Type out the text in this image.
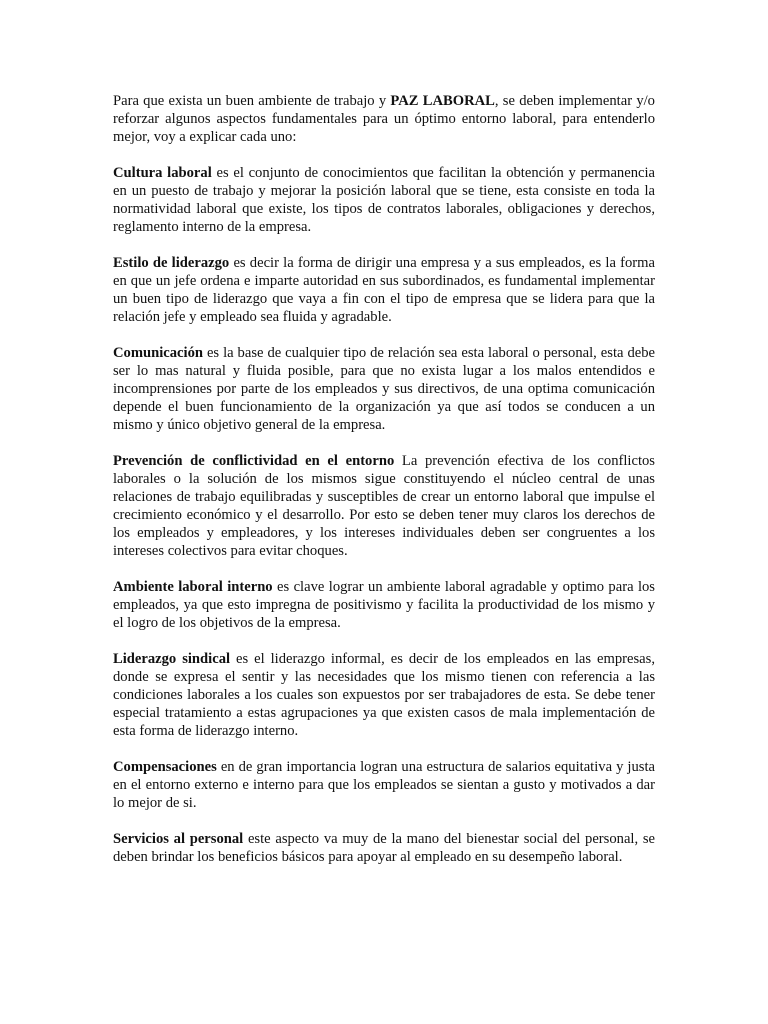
Para que exista un buen ambiente de trabajo y PAZ LABORAL, se deben implementar y/o reforzar algunos aspectos fundamentales para un óptimo entorno laboral, para entenderlo mejor, voy a explicar cada uno:

Cultura laboral es el conjunto de conocimientos que facilitan la obtención y permanencia en un puesto de trabajo y mejorar la posición laboral que se tiene, esta consiste en toda la normatividad laboral que existe, los tipos de contratos laborales, obligaciones y derechos, reglamento interno de la empresa.

Estilo de liderazgo es decir la forma de dirigir una empresa y a sus empleados, es la forma en que un jefe ordena e imparte autoridad en sus subordinados, es fundamental implementar un buen tipo de liderazgo que vaya a fin con el tipo de empresa que se lidera para que la relación jefe y empleado sea fluida y agradable.

Comunicación es la base de cualquier tipo de relación sea esta laboral o personal, esta debe ser lo mas natural y fluida posible, para que no exista lugar a los malos entendidos e incomprensiones por parte de los empleados y sus directivos, de una optima comunicación depende el buen funcionamiento de la organización ya que así todos se conducen a un mismo y único objetivo general de la empresa.

Prevención de conflictividad en el entorno La prevención efectiva de los conflictos laborales o la solución de los mismos sigue constituyendo el núcleo central de unas relaciones de trabajo equilibradas y susceptibles de crear un entorno laboral que impulse el crecimiento económico y el desarrollo. Por esto se deben tener muy claros los derechos de los empleados y empleadores, y los intereses individuales deben ser congruentes a los intereses colectivos para evitar choques.

Ambiente laboral interno es clave lograr un ambiente laboral agradable y optimo para los empleados, ya que esto impregna de positivismo y facilita la productividad de los mismo y el logro de los objetivos de la empresa.

Liderazgo sindical es el liderazgo informal, es decir de los empleados en las empresas, donde se expresa el sentir y las necesidades que los mismo tienen con referencia a las condiciones laborales a los cuales son expuestos por ser trabajadores de esta. Se debe tener especial tratamiento a estas agrupaciones ya que existen casos de mala implementación de esta forma de liderazgo interno.

Compensaciones en de gran importancia logran una estructura de salarios equitativa y justa en el entorno externo e interno para que los empleados se sientan a gusto y motivados a dar lo mejor de si.

Servicios al personal este aspecto va muy de la mano del bienestar social del personal, se deben brindar los beneficios básicos para apoyar al empleado en su desempeño laboral.
